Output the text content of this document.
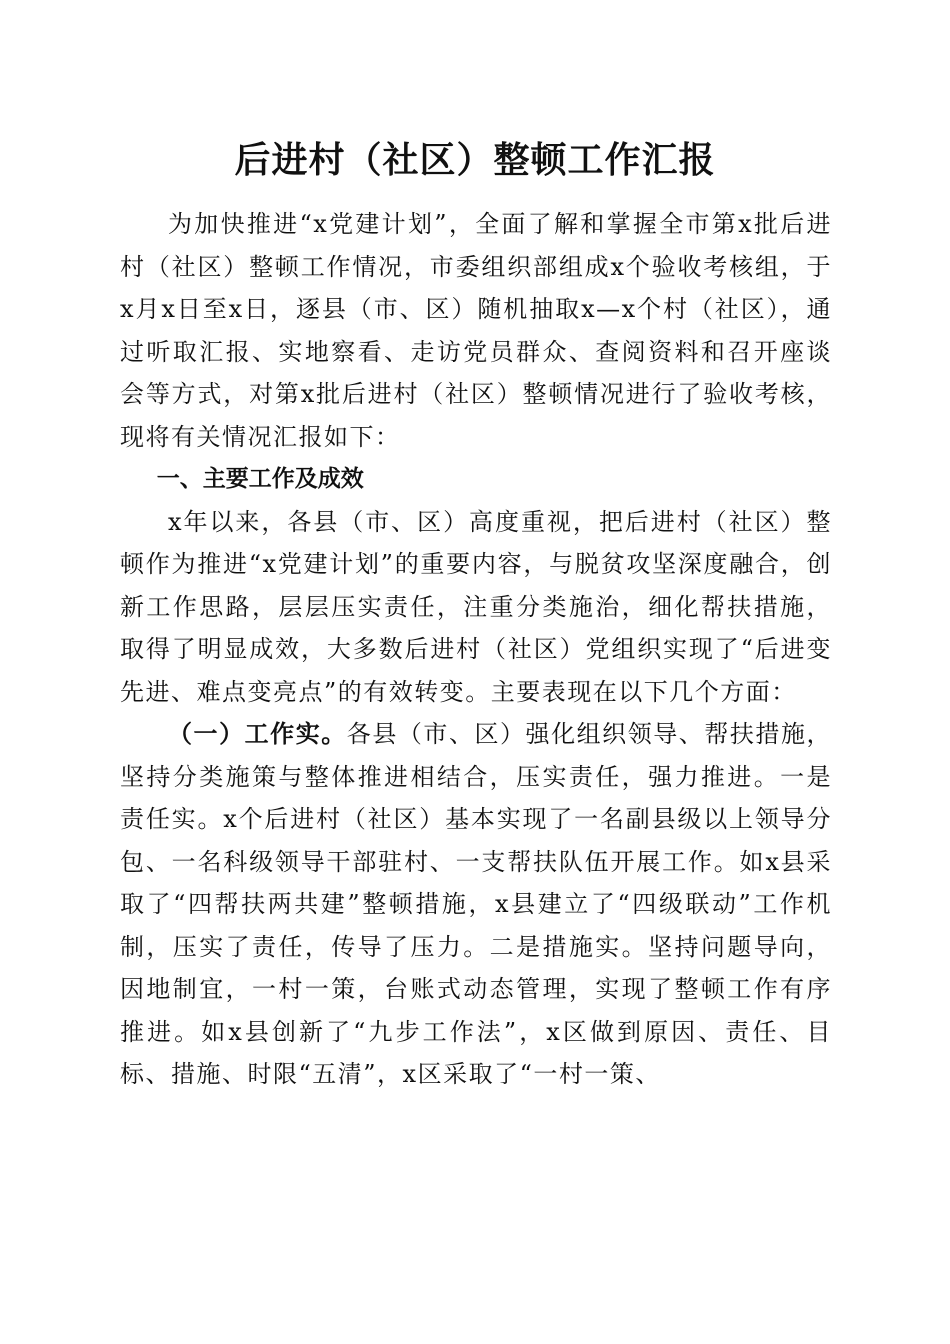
后进村（社区）整顿工作汇报

为加快推进“x党建计划”，全面了解和掌握全市第x批后进村（社区）整顿工作情况，市委组织部组成x个验收考核组，于x月x日至x日，逐县（市、区）随机抽取x—x个村（社区），通过听取汇报、实地察看、走访党员群众、查阅资料和召开座谈会等方式，对第x批后进村（社区）整顿情况进行了验收考核，现将有关情况汇报如下：

一、主要工作及成效

x年以来，各县（市、区）高度重视，把后进村（社区）整顿作为推进“x党建计划”的重要内容，与脱贫攻坚深度融合，创新工作思路，层层压实责任，注重分类施治，细化帮扶措施，取得了明显成效，大多数后进村（社区）党组织实现了“后进变先进、难点变亮点”的有效转变。主要表现在以下几个方面：

（一）工作实。各县（市、区）强化组织领导、帮扶措施，坚持分类施策与整体推进相结合，压实责任，强力推进。一是责任实。x个后进村（社区）基本实现了一名副县级以上领导分包、一名科级领导干部驻村、一支帮扶队伍开展工作。如x县采取了“四帮扶两共建”整顿措施，x县建立了“四级联动”工作机制，压实了责任，传导了压力。二是措施实。坚持问题导向，因地制宜，一村一策，台账式动态管理，实现了整顿工作有序推进。如x县创新了“九步工作法”，x区做到原因、责任、目标、措施、时限“五清”，x区采取了“一村一策、
